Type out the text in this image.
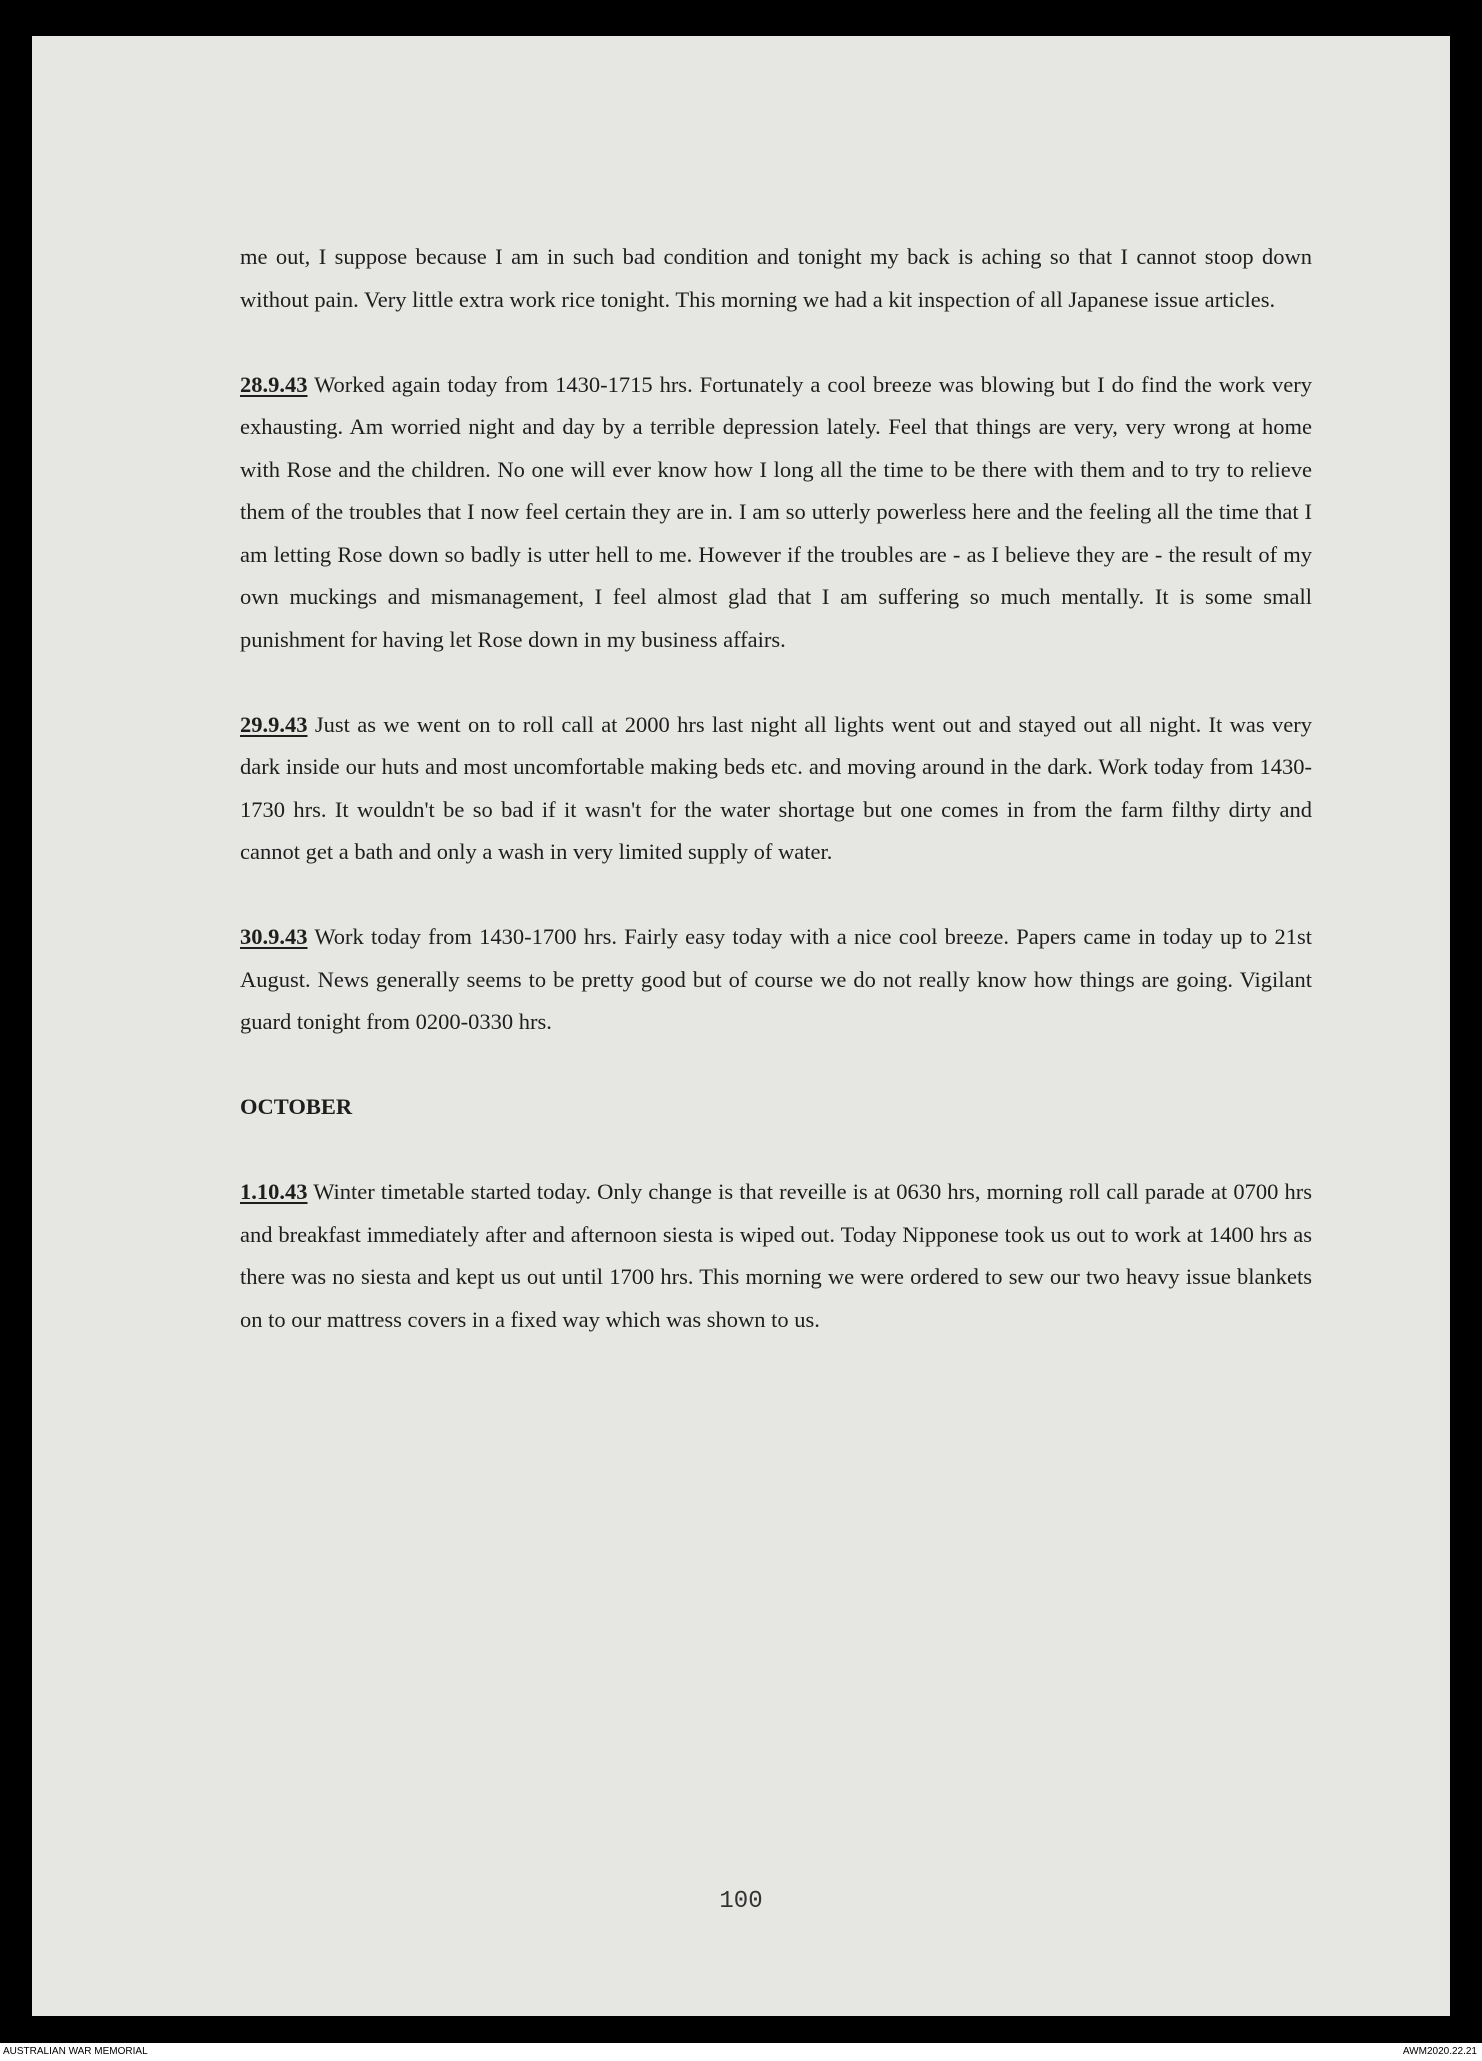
me out, I suppose because I am in such bad condition and tonight my back is aching so that I cannot stoop down without pain. Very little extra work rice tonight. This morning we had a kit inspection of all Japanese issue articles.

28.9.43 Worked again today from 1430-1715 hrs. Fortunately a cool breeze was blowing but I do find the work very exhausting. Am worried night and day by a terrible depression lately. Feel that things are very, very wrong at home with Rose and the children. No one will ever know how I long all the time to be there with them and to try to relieve them of the troubles that I now feel certain they are in. I am so utterly powerless here and the feeling all the time that I am letting Rose down so badly is utter hell to me. However if the troubles are - as I believe they are - the result of my own muckings and mismanagement, I feel almost glad that I am suffering so much mentally. It is some small punishment for having let Rose down in my business affairs.

29.9.43 Just as we went on to roll call at 2000 hrs last night all lights went out and stayed out all night. It was very dark inside our huts and most uncomfortable making beds etc. and moving around in the dark. Work today from 1430-1730 hrs. It wouldn't be so bad if it wasn't for the water shortage but one comes in from the farm filthy dirty and cannot get a bath and only a wash in very limited supply of water.

30.9.43 Work today from 1430-1700 hrs. Fairly easy today with a nice cool breeze. Papers came in today up to 21st August. News generally seems to be pretty good but of course we do not really know how things are going. Vigilant guard tonight from 0200-0330 hrs.

OCTOBER

1.10.43 Winter timetable started today. Only change is that reveille is at 0630 hrs, morning roll call parade at 0700 hrs and breakfast immediately after and afternoon siesta is wiped out. Today Nipponese took us out to work at 1400 hrs as there was no siesta and kept us out until 1700 hrs. This morning we were ordered to sew our two heavy issue blankets on to our mattress covers in a fixed way which was shown to us.

100
AUSTRALIAN WAR MEMORIAL	AWM2020.22.21
